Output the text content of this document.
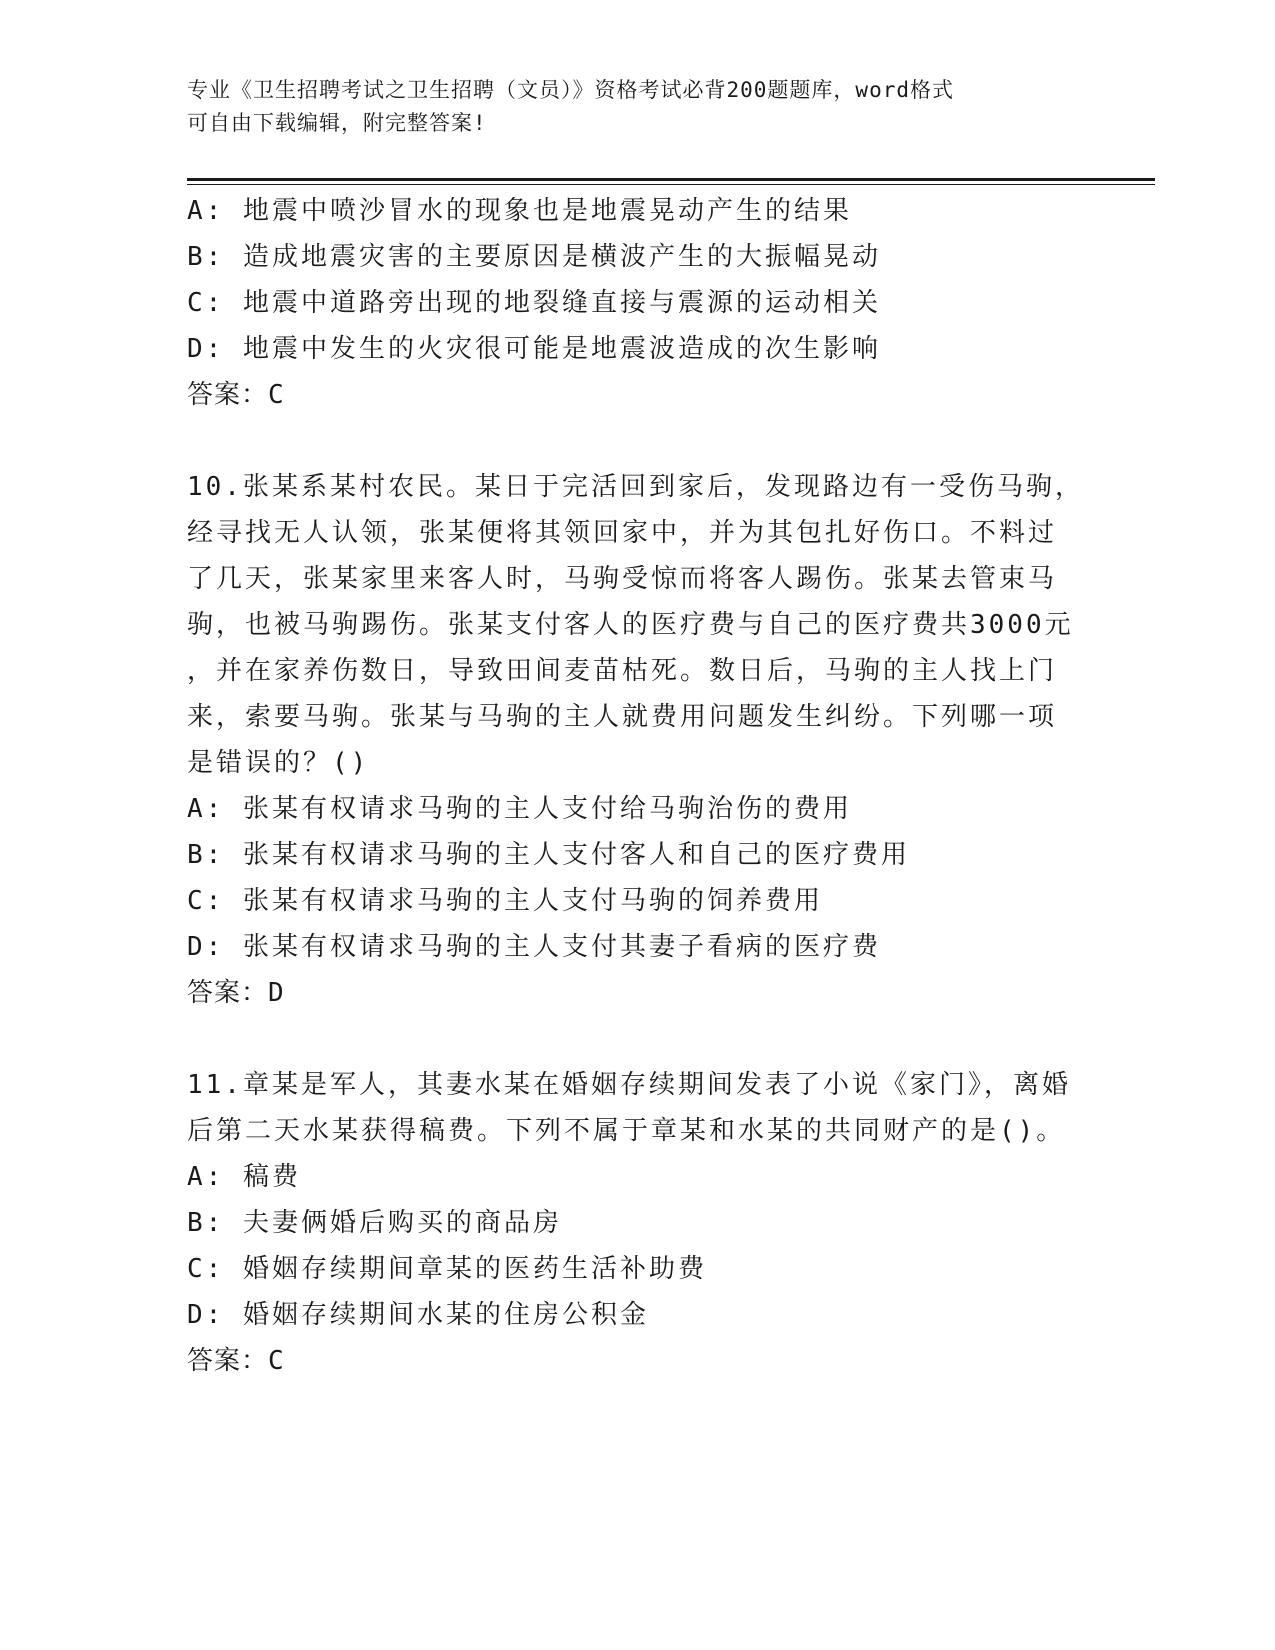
专业《卫生招聘考试之卫生招聘（文员）》资格考试必背200题题库，word格式
可自由下载编辑，附完整答案!
A: 地震中喷沙冒水的现象也是地震晃动产生的结果
B: 造成地震灾害的主要原因是横波产生的大振幅晃动
C: 地震中道路旁出现的地裂缝直接与震源的运动相关
D: 地震中发生的火灾很可能是地震波造成的次生影响
答案：C
10.张某系某村农民。某日于完活回到家后，发现路边有一受伤马驹，
经寻找无人认领，张某便将其领回家中，并为其包扎好伤口。不料过
了几天，张某家里来客人时，马驹受惊而将客人踢伤。张某去管束马
驹，也被马驹踢伤。张某支付客人的医疗费与自己的医疗费共3000元
，并在家养伤数日，导致田间麦苗枯死。数日后，马驹的主人找上门
来，索要马驹。张某与马驹的主人就费用问题发生纠纷。下列哪一项
是错误的？()
A: 张某有权请求马驹的主人支付给马驹治伤的费用
B: 张某有权请求马驹的主人支付客人和自己的医疗费用
C: 张某有权请求马驹的主人支付马驹的饲养费用
D: 张某有权请求马驹的主人支付其妻子看病的医疗费
答案：D
11.章某是军人，其妻水某在婚姻存续期间发表了小说《家门》，离婚
后第二天水某获得稿费。下列不属于章某和水某的共同财产的是()。
A: 稿费
B: 夫妻俩婚后购买的商品房
C: 婚姻存续期间章某的医药生活补助费
D: 婚姻存续期间水某的住房公积金
答案：C
